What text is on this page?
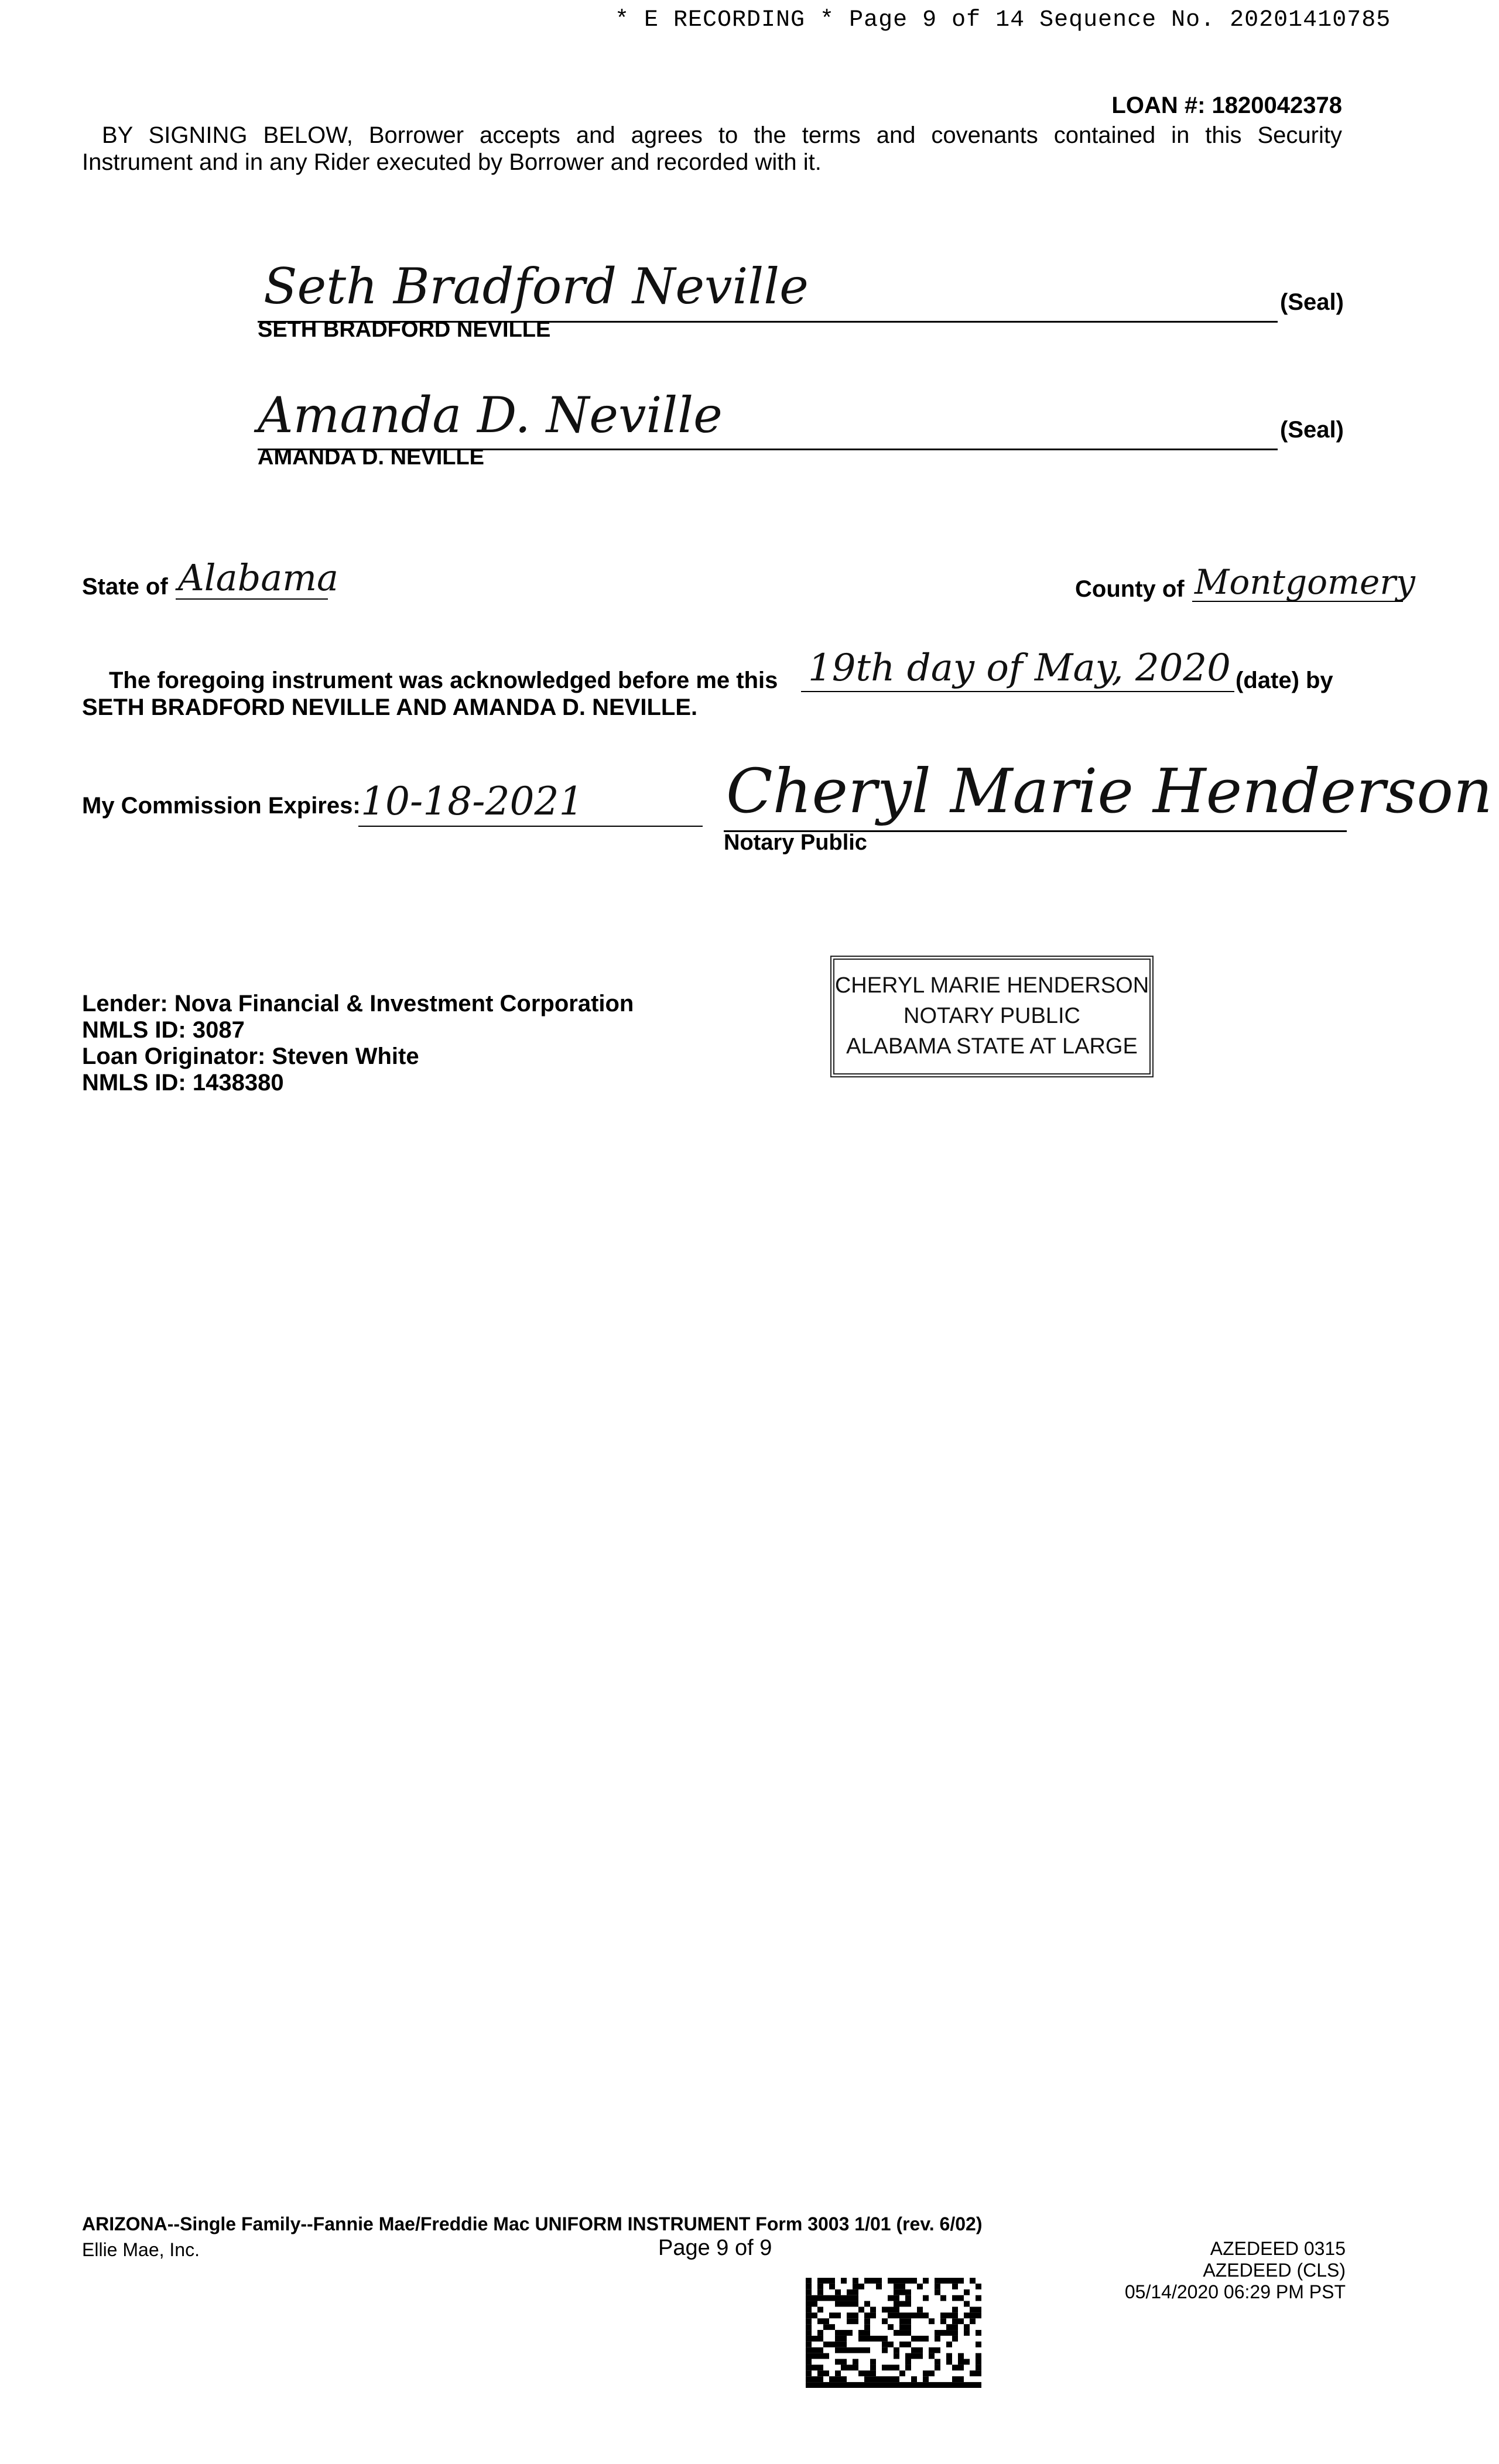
* E RECORDING * Page 9 of 14 Sequence No. 20201410785
LOAN #: 1820042378
BY SIGNING BELOW, Borrower accepts and agrees to the terms and covenants contained in this Security
Instrument and in any Rider executed by Borrower and recorded with it.
Seth Bradford Neville
SETH BRADFORD NEVILLE
(Seal)
Amanda D. Neville
AMANDA D. NEVILLE
(Seal)
State of Alabama	County of Montgomery
The foregoing instrument was acknowledged before me this 19th day of May, 2020 (date) by
SETH BRADFORD NEVILLE AND AMANDA D. NEVILLE.
My Commission Expires: 10-18-2021 Cheryl Marie Henderson
Notary Public
CHERYL MARIE HENDERSON
NOTARY PUBLIC
ALABAMA STATE AT LARGE
Lender: Nova Financial & Investment Corporation
NMLS ID: 3087
Loan Originator: Steven White
NMLS ID: 1438380
ARIZONA--Single Family--Fannie Mae/Freddie Mac UNIFORM INSTRUMENT Form 3003 1/01 (rev. 6/02)
Ellie Mae, Inc.	Page 9 of 9	AZEDEED 0315
AZEDEED (CLS)
05/14/2020 06:29 PM PST
